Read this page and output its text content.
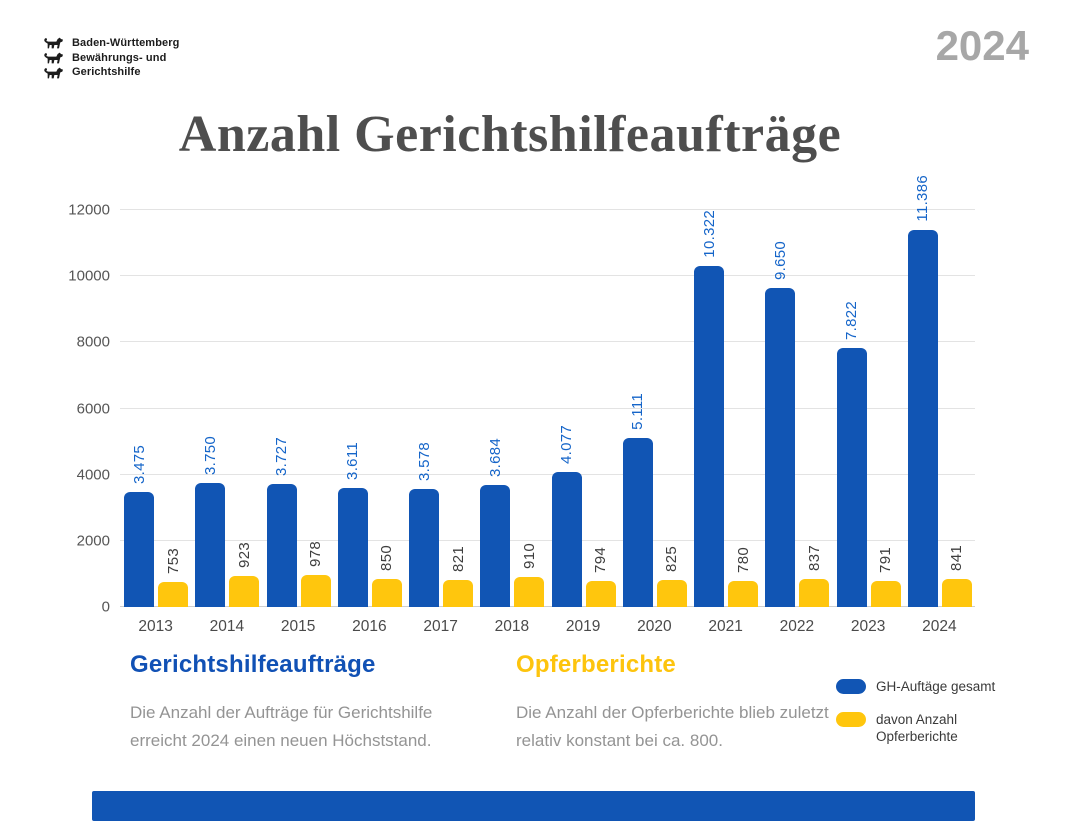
Baden-Württemberg
Bewährungs- und
Gerichtshilfe
2024
Anzahl Gerichtshilfeaufträge
0
2000
4000
6000
8000
10000
12000
3.475
753
2013
3.750
923
2014
3.727
978
2015
3.611
850
2016
3.578
821
2017
3.684
910
2018
4.077
794
2019
5.111
825
2020
10.322
780
2021
9.650
837
2022
7.822
791
2023
11.386
841
2024
Gerichtshilfeaufträge

Die Anzahl der Aufträge für Gerichtshilfe erreicht 2024 einen neuen Höchststand.

Opferberichte

Die Anzahl der Opferberichte blieb zuletzt relativ konstant bei ca. 800.

GH-Auftäge gesamt
davon Anzahl
Opferberichte
